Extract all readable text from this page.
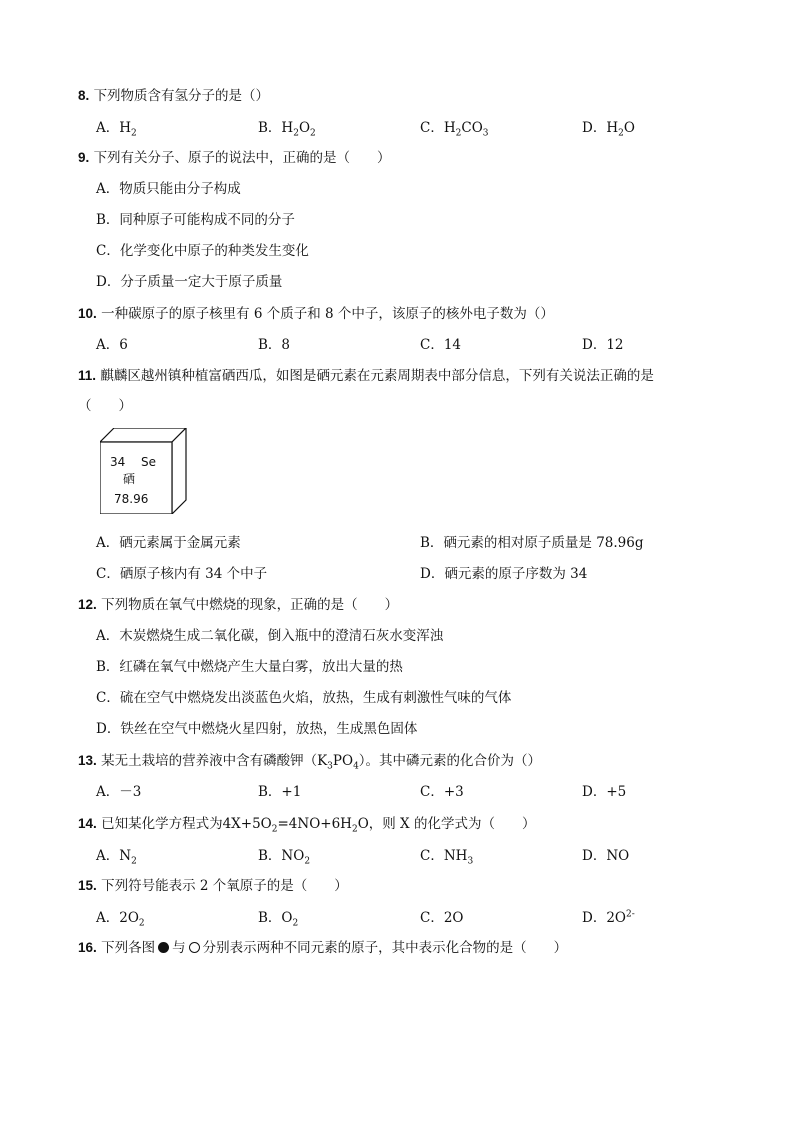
8. 下列物质含有氢分子的是（）
A．$H_2$	B．$H_2O_2$	C．$H_2CO_3$	D．$H_2O$
9. 下列有关分子、原子的说法中，正确的是（　　）
A．物质只能由分子构成
B．同种原子可能构成不同的分子
C．化学变化中原子的种类发生变化
D．分子质量一定大于原子质量
10. 一种碳原子的原子核里有 6 个质子和 8 个中子，该原子的核外电子数为（）
A．6	B．8	C．14	D．12
11. 麒麟区越州镇种植富硒西瓜，如图是硒元素在元素周期表中部分信息，下列有关说法正确的是
（　　）
34 Se
硒
78.96
A．硒元素属于金属元素	B．硒元素的相对原子质量是 78.96g
C．硒原子核内有 34 个中子	D．硒元素的原子序数为 34
12. 下列物质在氧气中燃烧的现象，正确的是（　　）
A．木炭燃烧生成二氧化碳，倒入瓶中的澄清石灰水变浑浊
B．红磷在氧气中燃烧产生大量白雾，放出大量的热
C．硫在空气中燃烧发出淡蓝色火焰，放热，生成有刺激性气味的气体
D．铁丝在空气中燃烧火星四射，放热，生成黑色固体
13. 某无土栽培的营养液中含有磷酸钾$(K_3PO_4)$。其中磷元素的化合价为（）
A．－3	B．+1	C．+3	D．+5
14. 已知某化学方程式为$4X+5O_2=4NO+6H_2O$，则 X 的化学式为（　　）
A．$N_2$	B．$NO_2$	C．$NH_3$	D．NO
15. 下列符号能表示 2 个氧原子的是（　　）
A．$2O_2$	B．$O_2$	C．2O	D．$2O^{2-}$
16. 下列各图 与 分别表示两种不同元素的原子，其中表示化合物的是（　　）
